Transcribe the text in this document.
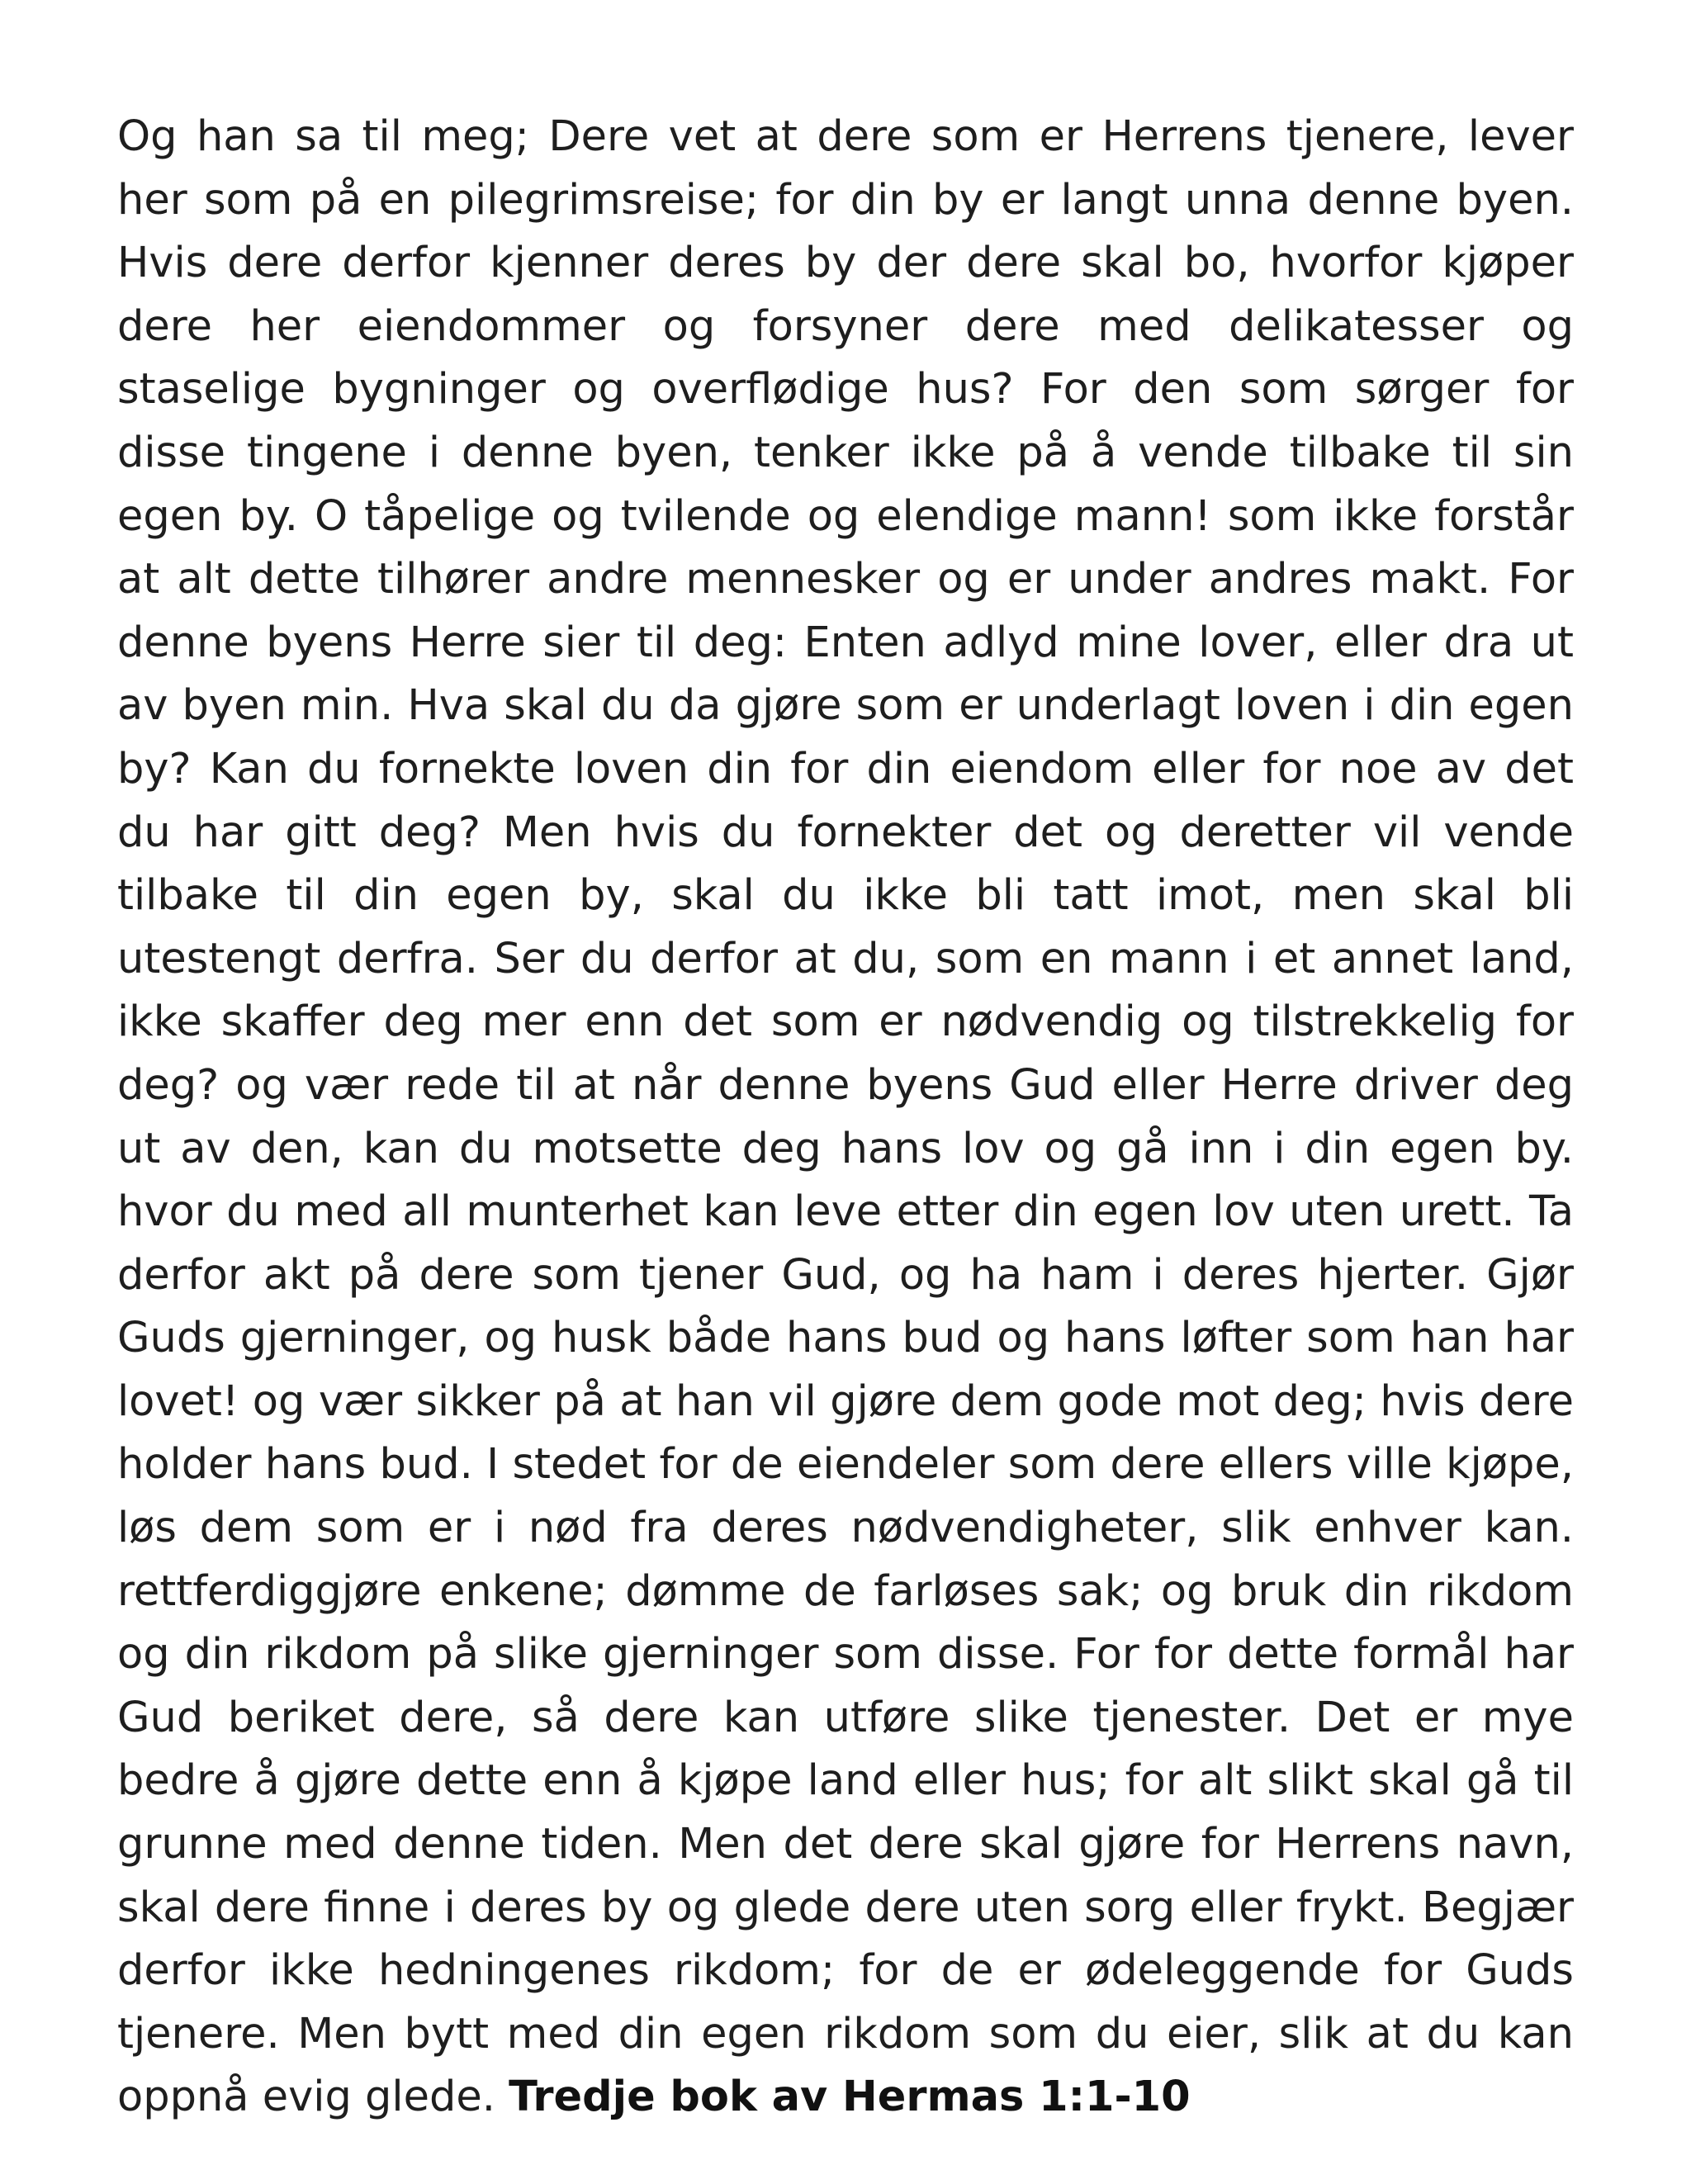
Og han sa til meg; Dere vet at dere som er Herrens tjenere, lever her som på en pilegrimsreise; for din by er langt unna denne byen. Hvis dere derfor kjenner deres by der dere skal bo, hvorfor kjøper dere her eiendommer og forsyner dere med delikatesser og staselige bygninger og overflødige hus? For den som sørger for disse tingene i denne byen, tenker ikke på å vende tilbake til sin egen by. O tåpelige og tvilende og elendige mann! som ikke forstår at alt dette tilhører andre mennesker og er under andres makt. For denne byens Herre sier til deg: Enten adlyd mine lover, eller dra ut av byen min. Hva skal du da gjøre som er underlagt loven i din egen by? Kan du fornekte loven din for din eiendom eller for noe av det du har gitt deg? Men hvis du fornekter det og deretter vil vende tilbake til din egen by, skal du ikke bli tatt imot, men skal bli utestengt derfra. Ser du derfor at du, som en mann i et annet land, ikke skaffer deg mer enn det som er nødvendig og tilstrekkelig for deg? og vær rede til at når denne byens Gud eller Herre driver deg ut av den, kan du motsette deg hans lov og gå inn i din egen by. hvor du med all munterhet kan leve etter din egen lov uten urett. Ta derfor akt på dere som tjener Gud, og ha ham i deres hjerter. Gjør Guds gjerninger, og husk både hans bud og hans løfter som han har lovet! og vær sikker på at han vil gjøre dem gode mot deg; hvis dere holder hans bud. I stedet for de eiendeler som dere ellers ville kjøpe, løs dem som er i nød fra deres nødvendigheter, slik enhver kan. rettferdiggjøre enkene; dømme de farløses sak; og bruk din rikdom og din rikdom på slike gjerninger som disse. For for dette formål har Gud beriket dere, så dere kan utføre slike tjenester. Det er mye bedre å gjøre dette enn å kjøpe land eller hus; for alt slikt skal gå til grunne med denne tiden. Men det dere skal gjøre for Herrens navn, skal dere finne i deres by og glede dere uten sorg eller frykt. Begjær derfor ikke hedningenes rikdom; for de er ødeleggende for Guds tjenere. Men bytt med din egen rikdom som du eier, slik at du kan oppnå evig glede. Tredje bok av Hermas 1:1-10
